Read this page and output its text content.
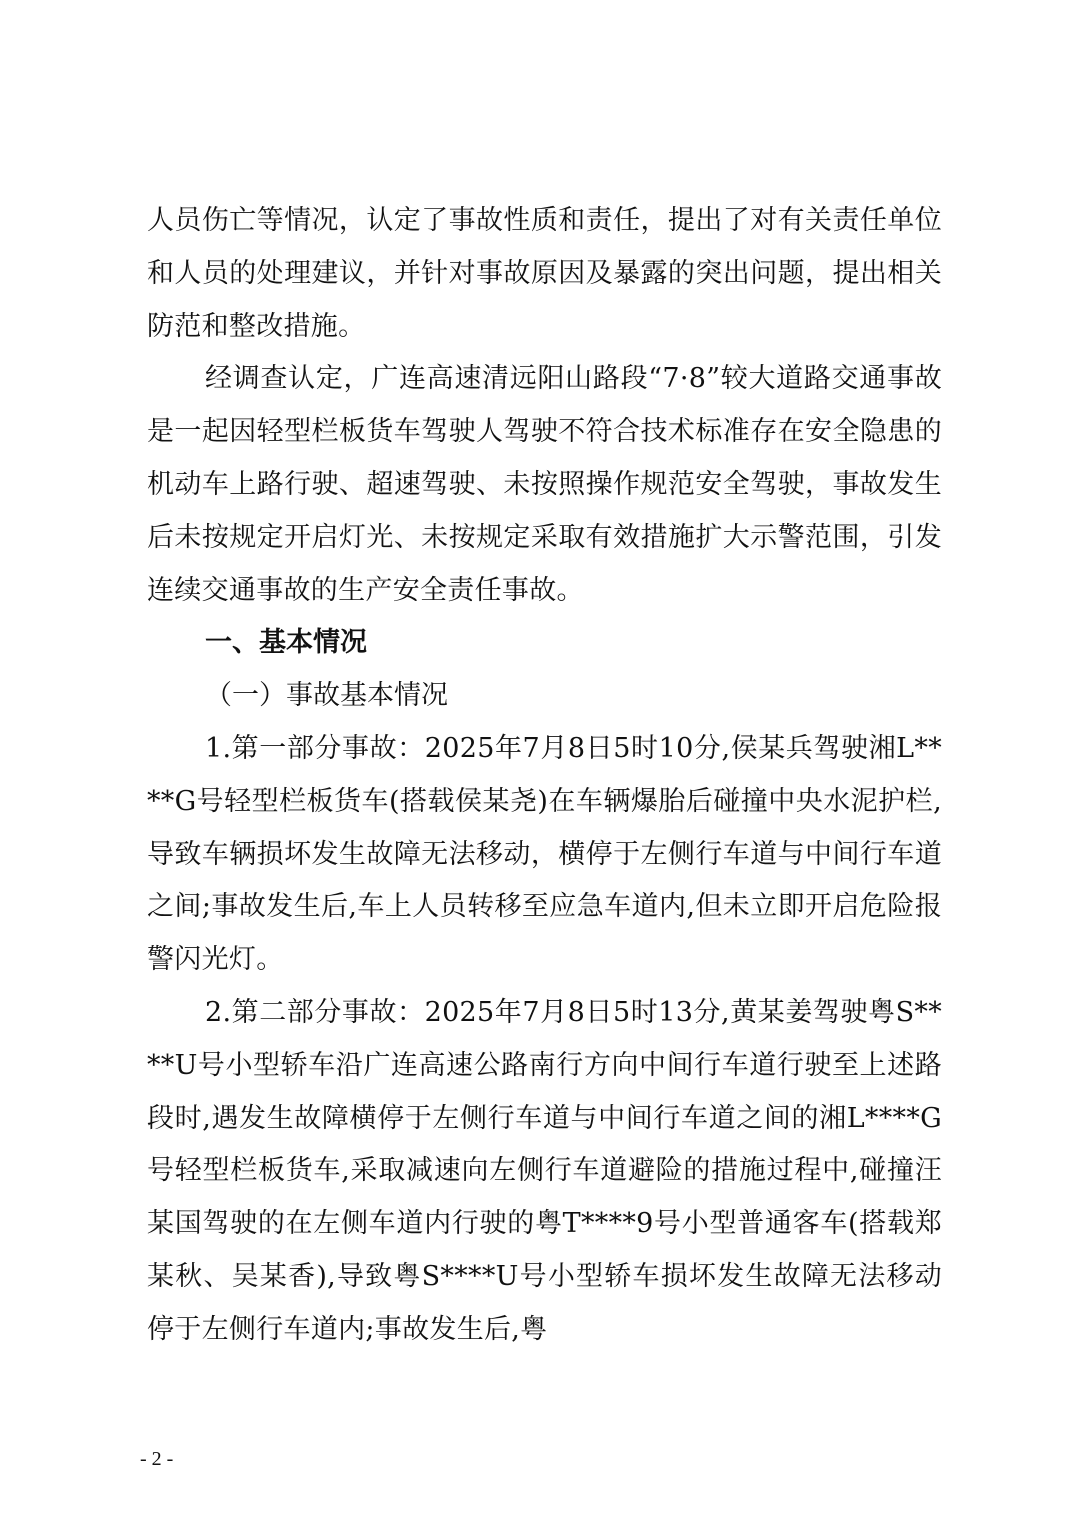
人员伤亡等情况，认定了事故性质和责任，提出了对有关责任单位和人员的处理建议，并针对事故原因及暴露的突出问题，提出相关防范和整改措施。

经调查认定，广连高速清远阳山路段“7·8”较大道路交通事故是一起因轻型栏板货车驾驶人驾驶不符合技术标准存在安全隐患的机动车上路行驶、超速驾驶、未按照操作规范安全驾驶，事故发生后未按规定开启灯光、未按规定采取有效措施扩大示警范围，引发连续交通事故的生产安全责任事故。

一、基本情况

（一）事故基本情况

1.第一部分事故：2025年7月8日5时10分,侯某兵驾驶湘L****G号轻型栏板货车(搭载侯某尧)在车辆爆胎后碰撞中央水泥护栏,导致车辆损坏发生故障无法移动，横停于左侧行车道与中间行车道之间;事故发生后,车上人员转移至应急车道内,但未立即开启危险报警闪光灯。

2.第二部分事故：2025年7月8日5时13分,黄某姜驾驶粤S****U号小型轿车沿广连高速公路南行方向中间行车道行驶至上述路段时,遇发生故障横停于左侧行车道与中间行车道之间的湘L****G号轻型栏板货车,采取减速向左侧行车道避险的措施过程中,碰撞汪某国驾驶的在左侧车道内行驶的粤T****9号小型普通客车(搭载郑某秋、吴某香),导致粤S****U号小型轿车损坏发生故障无法移动停于左侧行车道内;事故发生后,粤

- 2 -
